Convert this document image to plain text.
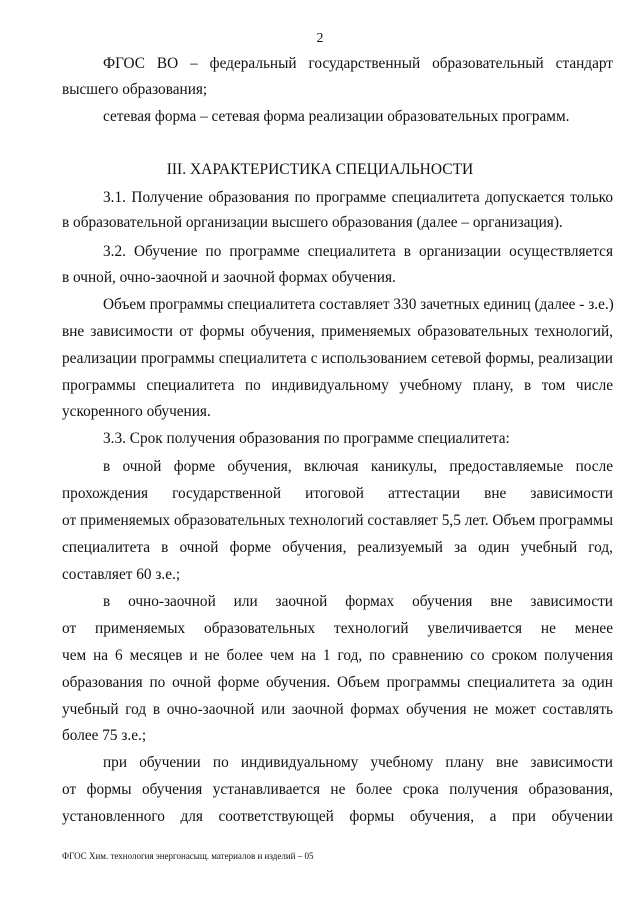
2
ФГОС ВО – федеральный государственный образовательный стандарт
высшего образования;
сетевая форма – сетевая форма реализации образовательных программ.
III. ХАРАКТЕРИСТИКА СПЕЦИАЛЬНОСТИ
3.1. Получение образования по программе специалитета допускается только
в образовательной организации высшего образования (далее – организация).
3.2. Обучение по программе специалитета в организации осуществляется
в очной, очно-заочной и заочной формах обучения.
Объем программы специалитета составляет 330 зачетных единиц (далее - з.е.)
вне зависимости от формы обучения, применяемых образовательных технологий,
реализации программы специалитета с использованием сетевой формы, реализации
программы специалитета по индивидуальному учебному плану, в том числе
ускоренного обучения.
3.3. Срок получения образования по программе специалитета:
в очной форме обучения, включая каникулы, предоставляемые после
прохождения государственной итоговой аттестации вне зависимости
от применяемых образовательных технологий составляет 5,5 лет. Объем программы
специалитета в очной форме обучения, реализуемый за один учебный год,
составляет 60 з.е.;
в очно-заочной или заочной формах обучения вне зависимости
от применяемых образовательных технологий увеличивается не менее
чем на 6 месяцев и не более чем на 1 год, по сравнению со сроком получения
образования по очной форме обучения. Объем программы специалитета за один
учебный год в очно-заочной или заочной формах обучения не может составлять
более 75 з.е.;
при обучении по индивидуальному учебному плану вне зависимости
от формы обучения устанавливается не более срока получения образования,
установленного для соответствующей формы обучения, а при обучении
ФГОС Хим. технология энергонасыщ. материалов и изделий – 05
